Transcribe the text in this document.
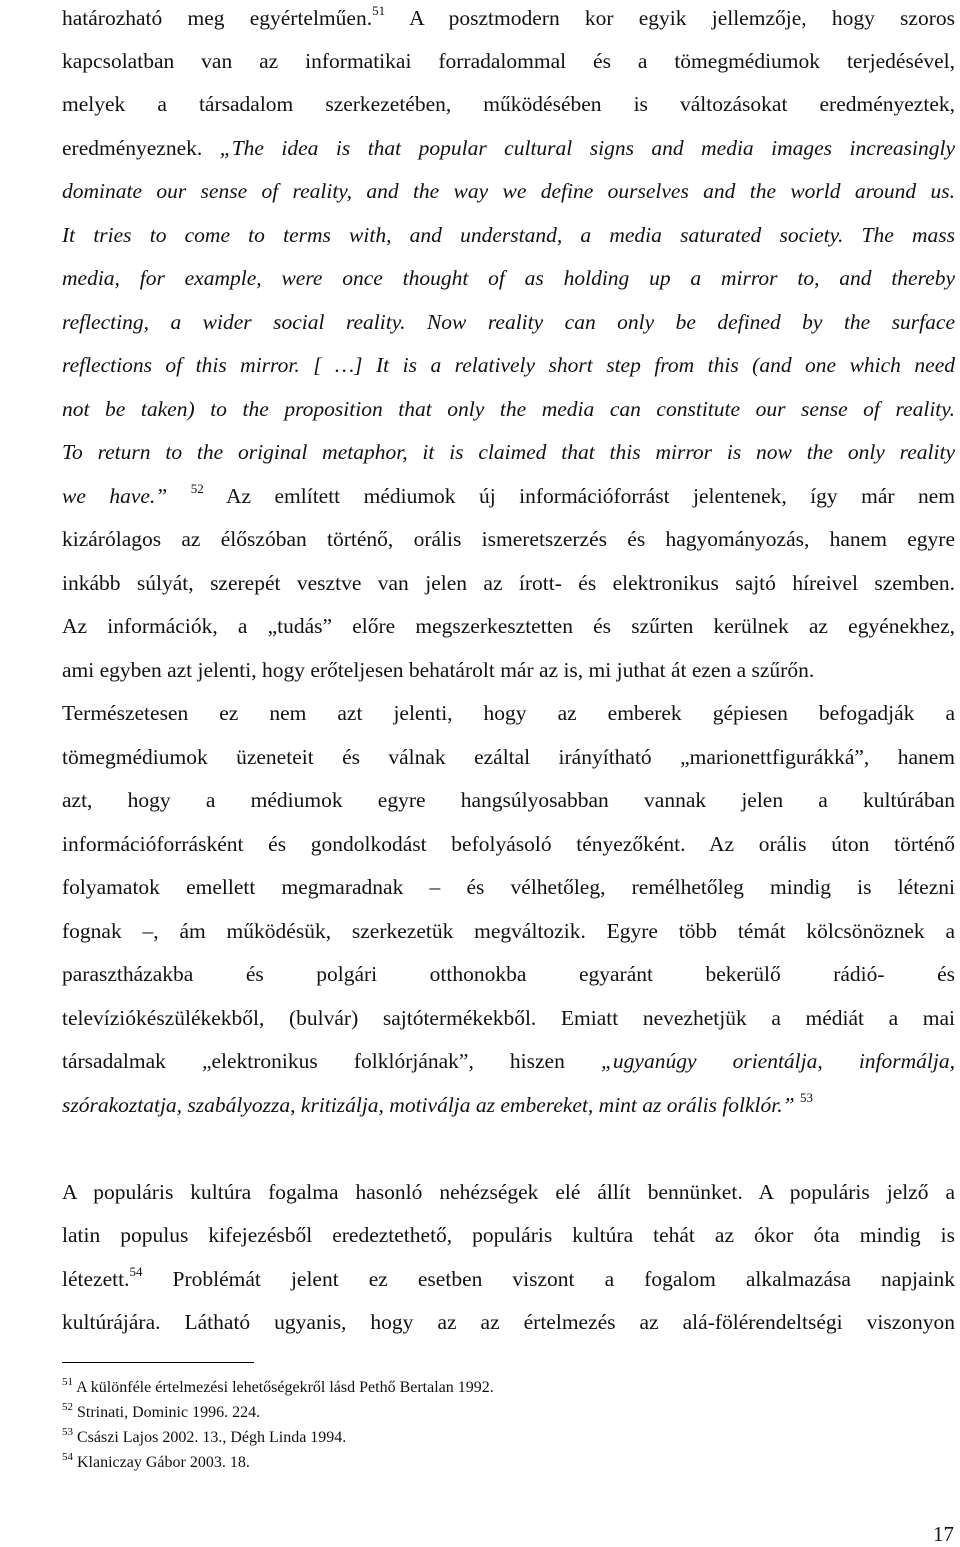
határozható meg egyértelműen.$^{51}$ A posztmodern kor egyik jellemzője, hogy szoros
kapcsolatban van az informatikai forradalommal és a tömegmédiumok terjedésével,
melyek a társadalom szerkezetében, működésében is változásokat eredményeztek,
eredményeznek. „The idea is that popular cultural signs and media images increasingly
dominate our sense of reality, and the way we define ourselves and the world around us.
It tries to come to terms with, and understand, a media saturated society. The mass
media, for example, were once thought of as holding up a mirror to, and thereby
reflecting, a wider social reality. Now reality can only be defined by the surface
reflections of this mirror. [ …] It is a relatively short step from this (and one which need
not be taken) to the proposition that only the media can constitute our sense of reality.
To return to the original metaphor, it is claimed that this mirror is now the only reality
we have.” $^{52}$ Az említett médiumok új információforrást jelentenek, így már nem
kizárólagos az élőszóban történő, orális ismeretszerzés és hagyományozás, hanem egyre
inkább súlyát, szerepét vesztve van jelen az írott- és elektronikus sajtó híreivel szemben.
Az információk, a „tudás” előre megszerkesztetten és szűrten kerülnek az egyénekhez,
ami egyben azt jelenti, hogy erőteljesen behatárolt már az is, mi juthat át ezen a szűrőn.
Természetesen ez nem azt jelenti, hogy az emberek gépiesen befogadják a
tömegmédiumok üzeneteit és válnak ezáltal irányítható „marionettfigurákká”, hanem
azt, hogy a médiumok egyre hangsúlyosabban vannak jelen a kultúrában
információforrásként és gondolkodást befolyásoló tényezőként. Az orális úton történő
folyamatok emellett megmaradnak – és vélhetőleg, remélhetőleg mindig is létezni
fognak –, ám működésük, szerkezetük megváltozik. Egyre több témát kölcsönöznek a
parasztházakba és polgári otthonokba egyaránt bekerülő rádió- és
televíziókészülékekből, (bulvár) sajtótermékekből. Emiatt nevezhetjük a médiát a mai
társadalmak „elektronikus folklórjának”, hiszen „ugyanúgy orientálja, informálja,
szórakoztatja, szabályozza, kritizálja, motiválja az embereket, mint az orális folklór.” $^{53}$
A populáris kultúra fogalma hasonló nehézségek elé állít bennünket. A populáris jelző a
latin populus kifejezésből eredeztethető, populáris kultúra tehát az ókor óta mindig is
létezett.$^{54}$ Problémát jelent ez esetben viszont a fogalom alkalmazása napjaink
kultúrájára. Látható ugyanis, hogy az az értelmezés az alá-fölérendeltségi viszonyon
$^{51}$ A különféle értelmezési lehetőségekről lásd Pethő Bertalan 1992.
$^{52}$ Strinati, Dominic 1996. 224.
$^{53}$ Császi Lajos 2002. 13., Dégh Linda 1994.
$^{54}$ Klaniczay Gábor 2003. 18.
17
